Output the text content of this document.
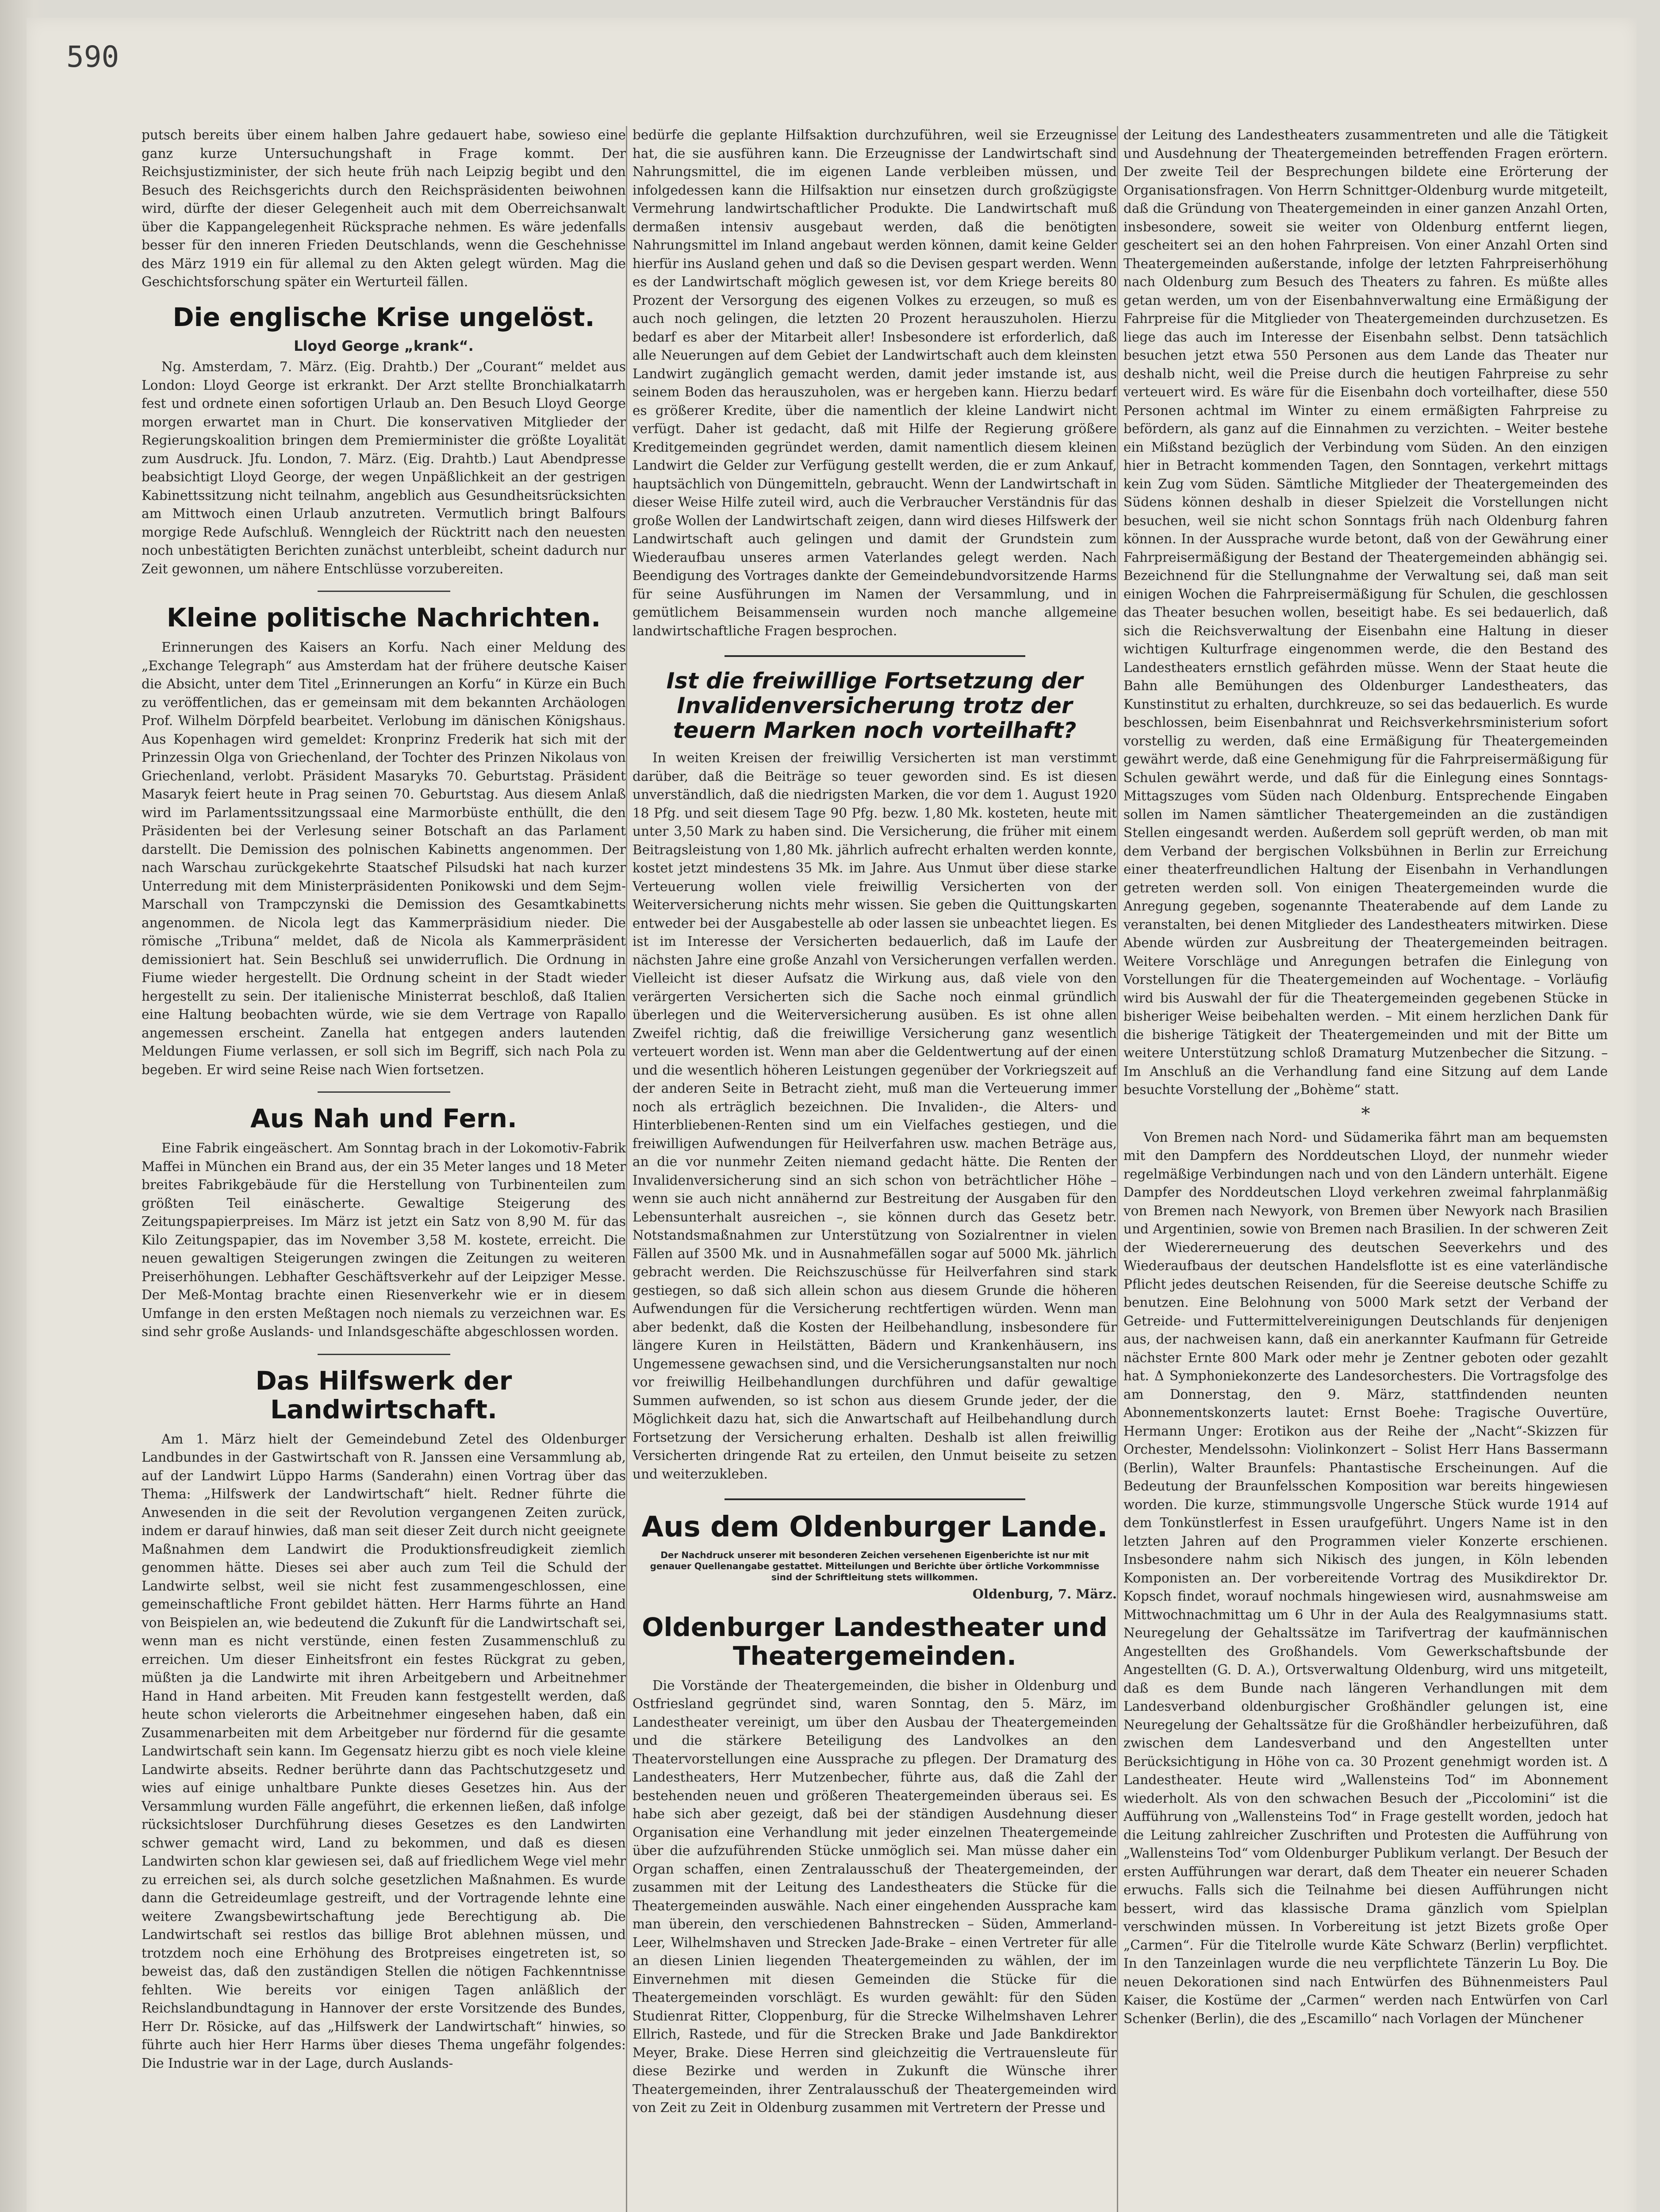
590

putsch bereits über einem halben Jahre gedauert habe, sowieso eine ganz kurze Untersuchungshaft in Frage kommt. Der Reichsjustizminister, der sich heute früh nach Leipzig begibt und den Besuch des Reichsgerichts durch den Reichspräsidenten beiwohnen wird, dürfte der dieser Gelegenheit auch mit dem Oberreichsanwalt über die Kappangelegenheit Rücksprache nehmen. Es wäre jedenfalls besser für den inneren Frieden Deutschlands, wenn die Geschehnisse des März 1919 ein für allemal zu den Akten gelegt würden. Mag die Geschichtsforschung später ein Werturteil fällen.

Die englische Krise ungelöst.
Lloyd George „krank“.

Ng. Amsterdam, 7. März. (Eig. Drahtb.) Der „Courant“ meldet aus London: Lloyd George ist erkrankt. Der Arzt stellte Bronchialkatarrh fest und ordnete einen sofortigen Urlaub an. Den Besuch Lloyd George morgen erwartet man in Churt. Die konservativen Mitglieder der Regierungskoalition bringen dem Premierminister die größte Loyalität zum Ausdruck. Jfu. London, 7. März. (Eig. Drahtb.) Laut Abendpresse beabsichtigt Lloyd George, der wegen Unpäßlichkeit an der gestrigen Kabinettssitzung nicht teilnahm, angeblich aus Gesundheitsrücksichten am Mittwoch einen Urlaub anzutreten. Vermutlich bringt Balfours morgige Rede Aufschluß. Wenngleich der Rücktritt nach den neuesten noch unbestätigten Berichten zunächst unterbleibt, scheint dadurch nur Zeit gewonnen, um nähere Entschlüsse vorzubereiten.

Kleine politische Nachrichten.

Erinnerungen des Kaisers an Korfu. Nach einer Meldung des „Exchange Telegraph“ aus Amsterdam hat der frühere deutsche Kaiser die Absicht, unter dem Titel „Erinnerungen an Korfu“ in Kürze ein Buch zu veröffentlichen, das er gemeinsam mit dem bekannten Archäologen Prof. Wilhelm Dörpfeld bearbeitet. Verlobung im dänischen Königshaus. Aus Kopenhagen wird gemeldet: Kronprinz Frederik hat sich mit der Prinzessin Olga von Griechenland, der Tochter des Prinzen Nikolaus von Griechenland, verlobt. Präsident Masaryks 70. Geburtstag. Präsident Masaryk feiert heute in Prag seinen 70. Geburtstag. Aus diesem Anlaß wird im Parlamentssitzungssaal eine Marmorbüste enthüllt, die den Präsidenten bei der Verlesung seiner Botschaft an das Parlament darstellt. Die Demission des polnischen Kabinetts angenommen. Der nach Warschau zurückgekehrte Staatschef Pilsudski hat nach kurzer Unterredung mit dem Ministerpräsidenten Ponikowski und dem Sejm-Marschall von Trampczynski die Demission des Gesamtkabinetts angenommen. de Nicola legt das Kammerpräsidium nieder. Die römische „Tribuna“ meldet, daß de Nicola als Kammerpräsident demissioniert hat. Sein Beschluß sei unwiderruflich. Die Ordnung in Fiume wieder hergestellt. Die Ordnung scheint in der Stadt wieder hergestellt zu sein. Der italienische Ministerrat beschloß, daß Italien eine Haltung beobachten würde, wie sie dem Vertrage von Rapallo angemessen erscheint. Zanella hat entgegen anders lautenden Meldungen Fiume verlassen, er soll sich im Begriff, sich nach Pola zu begeben. Er wird seine Reise nach Wien fortsetzen.

Aus Nah und Fern.

Eine Fabrik eingeäschert. Am Sonntag brach in der Lokomotiv-Fabrik Maffei in München ein Brand aus, der ein 35 Meter langes und 18 Meter breites Fabrikgebäude für die Herstellung von Turbinenteilen zum größten Teil einäscherte. Gewaltige Steigerung des Zeitungspapierpreises. Im März ist jetzt ein Satz von 8,90 M. für das Kilo Zeitungspapier, das im November 3,58 M. kostete, erreicht. Die neuen gewaltigen Steigerungen zwingen die Zeitungen zu weiteren Preiserhöhungen. Lebhafter Geschäftsverkehr auf der Leipziger Messe. Der Meß-Montag brachte einen Riesenverkehr wie er in diesem Umfange in den ersten Meßtagen noch niemals zu verzeichnen war. Es sind sehr große Auslands- und Inlandsgeschäfte abgeschlossen worden.

Das Hilfswerk der Landwirtschaft.

Am 1. März hielt der Gemeindebund Zetel des Oldenburger Landbundes in der Gastwirtschaft von R. Janssen eine Versammlung ab, auf der Landwirt Lüppo Harms (Sanderahn) einen Vortrag über das Thema: „Hilfswerk der Landwirtschaft“ hielt. Redner führte die Anwesenden in die seit der Revolution vergangenen Zeiten zurück, indem er darauf hinwies, daß man seit dieser Zeit durch nicht geeignete Maßnahmen dem Landwirt die Produktionsfreudigkeit ziemlich genommen hätte. Dieses sei aber auch zum Teil die Schuld der Landwirte selbst, weil sie nicht fest zusammengeschlossen, eine gemeinschaftliche Front gebildet hätten. Herr Harms führte an Hand von Beispielen an, wie bedeutend die Zukunft für die Landwirtschaft sei, wenn man es nicht verstünde, einen festen Zusammenschluß zu erreichen. Um dieser Einheitsfront ein festes Rückgrat zu geben, müßten ja die Landwirte mit ihren Arbeitgebern und Arbeitnehmer Hand in Hand arbeiten. Mit Freuden kann festgestellt werden, daß heute schon vielerorts die Arbeitnehmer eingesehen haben, daß ein Zusammenarbeiten mit dem Arbeitgeber nur fördernd für die gesamte Landwirtschaft sein kann. Im Gegensatz hierzu gibt es noch viele kleine Landwirte abseits. Redner berührte dann das Pachtschutzgesetz und wies auf einige unhaltbare Punkte dieses Gesetzes hin. Aus der Versammlung wurden Fälle angeführt, die erkennen ließen, daß infolge rücksichtsloser Durchführung dieses Gesetzes es den Landwirten schwer gemacht wird, Land zu bekommen, und daß es diesen Landwirten schon klar gewiesen sei, daß auf friedlichem Wege viel mehr zu erreichen sei, als durch solche gesetzlichen Maßnahmen. Es wurde dann die Getreideumlage gestreift, und der Vortragende lehnte eine weitere Zwangsbewirtschaftung jede Berechtigung ab. Die Landwirtschaft sei restlos das billige Brot ablehnen müssen, und trotzdem noch eine Erhöhung des Brotpreises eingetreten ist, so beweist das, daß den zuständigen Stellen die nötigen Fachkenntnisse fehlten. Wie bereits vor einigen Tagen anläßlich der Reichslandbundtagung in Hannover der erste Vorsitzende des Bundes, Herr Dr. Rösicke, auf das „Hilfswerk der Landwirtschaft“ hinwies, so führte auch hier Herr Harms über dieses Thema ungefähr folgendes: Die Industrie war in der Lage, durch Auslands-

bedürfe die geplante Hilfsaktion durchzuführen, weil sie Erzeugnisse hat, die sie ausführen kann. Die Erzeugnisse der Landwirtschaft sind Nahrungsmittel, die im eigenen Lande verbleiben müssen, und infolgedessen kann die Hilfsaktion nur einsetzen durch großzügigste Vermehrung landwirtschaftlicher Produkte. Die Landwirtschaft muß dermaßen intensiv ausgebaut werden, daß die benötigten Nahrungsmittel im Inland angebaut werden können, damit keine Gelder hierfür ins Ausland gehen und daß so die Devisen gespart werden. Wenn es der Landwirtschaft möglich gewesen ist, vor dem Kriege bereits 80 Prozent der Versorgung des eigenen Volkes zu erzeugen, so muß es auch noch gelingen, die letzten 20 Prozent herauszuholen. Hierzu bedarf es aber der Mitarbeit aller! Insbesondere ist erforderlich, daß alle Neuerungen auf dem Gebiet der Landwirtschaft auch dem kleinsten Landwirt zugänglich gemacht werden, damit jeder imstande ist, aus seinem Boden das herauszuholen, was er hergeben kann. Hierzu bedarf es größerer Kredite, über die namentlich der kleine Landwirt nicht verfügt. Daher ist gedacht, daß mit Hilfe der Regierung größere Kreditgemeinden gegründet werden, damit namentlich diesem kleinen Landwirt die Gelder zur Verfügung gestellt werden, die er zum Ankauf, hauptsächlich von Düngemitteln, gebraucht. Wenn der Landwirtschaft in dieser Weise Hilfe zuteil wird, auch die Verbraucher Verständnis für das große Wollen der Landwirtschaft zeigen, dann wird dieses Hilfswerk der Landwirtschaft auch gelingen und damit der Grundstein zum Wiederaufbau unseres armen Vaterlandes gelegt werden. Nach Beendigung des Vortrages dankte der Gemeindebundvorsitzende Harms für seine Ausführungen im Namen der Versammlung, und in gemütlichem Beisammensein wurden noch manche allgemeine landwirtschaftliche Fragen besprochen.

Ist die freiwillige Fortsetzung der Invalidenversicherung trotz der teuern Marken noch vorteilhaft?

In weiten Kreisen der freiwillig Versicherten ist man verstimmt darüber, daß die Beiträge so teuer geworden sind. Es ist diesen unverständlich, daß die niedrigsten Marken, die vor dem 1. August 1920 18 Pfg. und seit diesem Tage 90 Pfg. bezw. 1,80 Mk. kosteten, heute mit unter 3,50 Mark zu haben sind. Die Versicherung, die früher mit einem Beitragsleistung von 1,80 Mk. jährlich aufrecht erhalten werden konnte, kostet jetzt mindestens 35 Mk. im Jahre. Aus Unmut über diese starke Verteuerung wollen viele freiwillig Versicherten von der Weiterversicherung nichts mehr wissen. Sie geben die Quittungskarten entweder bei der Ausgabestelle ab oder lassen sie unbeachtet liegen. Es ist im Interesse der Versicherten bedauerlich, daß im Laufe der nächsten Jahre eine große Anzahl von Versicherungen verfallen werden. Vielleicht ist dieser Aufsatz die Wirkung aus, daß viele von den verärgerten Versicherten sich die Sache noch einmal gründlich überlegen und die Weiterversicherung ausüben. Es ist ohne allen Zweifel richtig, daß die freiwillige Versicherung ganz wesentlich verteuert worden ist. Wenn man aber die Geldentwertung auf der einen und die wesentlich höheren Leistungen gegenüber der Vorkriegszeit auf der anderen Seite in Betracht zieht, muß man die Verteuerung immer noch als erträglich bezeichnen. Die Invaliden-, die Alters- und Hinterbliebenen-Renten sind um ein Vielfaches gestiegen, und die freiwilligen Aufwendungen für Heilverfahren usw. machen Beträge aus, an die vor nunmehr Zeiten niemand gedacht hätte. Die Renten der Invalidenversicherung sind an sich schon von beträchtlicher Höhe – wenn sie auch nicht annähernd zur Bestreitung der Ausgaben für den Lebensunterhalt ausreichen –, sie können durch das Gesetz betr. Notstandsmaßnahmen zur Unterstützung von Sozialrentner in vielen Fällen auf 3500 Mk. und in Ausnahmefällen sogar auf 5000 Mk. jährlich gebracht werden. Die Reichszuschüsse für Heilverfahren sind stark gestiegen, so daß sich allein schon aus diesem Grunde die höheren Aufwendungen für die Versicherung rechtfertigen würden. Wenn man aber bedenkt, daß die Kosten der Heilbehandlung, insbesondere für längere Kuren in Heilstätten, Bädern und Krankenhäusern, ins Ungemessene gewachsen sind, und die Versicherungsanstalten nur noch vor freiwillig Heilbehandlungen durchführen und dafür gewaltige Summen aufwenden, so ist schon aus diesem Grunde jeder, der die Möglichkeit dazu hat, sich die Anwartschaft auf Heilbehandlung durch Fortsetzung der Versicherung erhalten. Deshalb ist allen freiwillig Versicherten dringende Rat zu erteilen, den Unmut beiseite zu setzen und weiterzukleben.

Aus dem Oldenburger Lande.
Der Nachdruck unserer mit besonderen Zeichen versehenen Eigenberichte ist nur mit genauer Quellenangabe gestattet. Mitteilungen und Berichte über örtliche Vorkommnisse sind der Schriftleitung stets willkommen.
Oldenburg, 7. März.
Oldenburger Landestheater und Theatergemeinden.

Die Vorstände der Theatergemeinden, die bisher in Oldenburg und Ostfriesland gegründet sind, waren Sonntag, den 5. März, im Landestheater vereinigt, um über den Ausbau der Theatergemeinden und die stärkere Beteiligung des Landvolkes an den Theatervorstellungen eine Aussprache zu pflegen. Der Dramaturg des Landestheaters, Herr Mutzenbecher, führte aus, daß die Zahl der bestehenden neuen und größeren Theatergemeinden überaus sei. Es habe sich aber gezeigt, daß bei der ständigen Ausdehnung dieser Organisation eine Verhandlung mit jeder einzelnen Theatergemeinde über die aufzuführenden Stücke unmöglich sei. Man müsse daher ein Organ schaffen, einen Zentralausschuß der Theatergemeinden, der zusammen mit der Leitung des Landestheaters die Stücke für die Theatergemeinden auswähle. Nach einer eingehenden Aussprache kam man überein, den verschiedenen Bahnstrecken – Süden, Ammerland-Leer, Wilhelmshaven und Strecken Jade-Brake – einen Vertreter für alle an diesen Linien liegenden Theatergemeinden zu wählen, der im Einvernehmen mit diesen Gemeinden die Stücke für die Theatergemeinden vorschlägt. Es wurden gewählt: für den Süden Studienrat Ritter, Cloppenburg, für die Strecke Wilhelmshaven Lehrer Ellrich, Rastede, und für die Strecken Brake und Jade Bankdirektor Meyer, Brake. Diese Herren sind gleichzeitig die Vertrauensleute für diese Bezirke und werden in Zukunft die Wünsche ihrer Theatergemeinden, ihrer Zentralausschuß der Theatergemeinden wird von Zeit zu Zeit in Oldenburg zusammen mit Vertretern der Presse und

der Leitung des Landestheaters zusammentreten und alle die Tätigkeit und Ausdehnung der Theatergemeinden betreffenden Fragen erörtern. Der zweite Teil der Besprechungen bildete eine Erörterung der Organisationsfragen. Von Herrn Schnittger-Oldenburg wurde mitgeteilt, daß die Gründung von Theatergemeinden in einer ganzen Anzahl Orten, insbesondere, soweit sie weiter von Oldenburg entfernt liegen, gescheitert sei an den hohen Fahrpreisen. Von einer Anzahl Orten sind Theatergemeinden außerstande, infolge der letzten Fahrpreiserhöhung nach Oldenburg zum Besuch des Theaters zu fahren. Es müßte alles getan werden, um von der Eisenbahnverwaltung eine Ermäßigung der Fahrpreise für die Mitglieder von Theatergemeinden durchzusetzen. Es liege das auch im Interesse der Eisenbahn selbst. Denn tatsächlich besuchen jetzt etwa 550 Personen aus dem Lande das Theater nur deshalb nicht, weil die Preise durch die heutigen Fahrpreise zu sehr verteuert wird. Es wäre für die Eisenbahn doch vorteilhafter, diese 550 Personen achtmal im Winter zu einem ermäßigten Fahrpreise zu befördern, als ganz auf die Einnahmen zu verzichten. – Weiter bestehe ein Mißstand bezüglich der Verbindung vom Süden. An den einzigen hier in Betracht kommenden Tagen, den Sonntagen, verkehrt mittags kein Zug vom Süden. Sämtliche Mitglieder der Theatergemeinden des Südens können deshalb in dieser Spielzeit die Vorstellungen nicht besuchen, weil sie nicht schon Sonntags früh nach Oldenburg fahren können. In der Aussprache wurde betont, daß von der Gewährung einer Fahrpreisermäßigung der Bestand der Theatergemeinden abhängig sei. Bezeichnend für die Stellungnahme der Verwaltung sei, daß man seit einigen Wochen die Fahrpreisermäßigung für Schulen, die geschlossen das Theater besuchen wollen, beseitigt habe. Es sei bedauerlich, daß sich die Reichsverwaltung der Eisenbahn eine Haltung in dieser wichtigen Kulturfrage eingenommen werde, die den Bestand des Landestheaters ernstlich gefährden müsse. Wenn der Staat heute die Bahn alle Bemühungen des Oldenburger Landestheaters, das Kunstinstitut zu erhalten, durchkreuze, so sei das bedauerlich. Es wurde beschlossen, beim Eisenbahnrat und Reichsverkehrsministerium sofort vorstellig zu werden, daß eine Ermäßigung für Theatergemeinden gewährt werde, daß eine Genehmigung für die Fahrpreisermäßigung für Schulen gewährt werde, und daß für die Einlegung eines Sonntags-Mittagszuges vom Süden nach Oldenburg. Entsprechende Eingaben sollen im Namen sämtlicher Theatergemeinden an die zuständigen Stellen eingesandt werden. Außerdem soll geprüft werden, ob man mit dem Verband der bergischen Volksbühnen in Berlin zur Erreichung einer theaterfreundlichen Haltung der Eisenbahn in Verhandlungen getreten werden soll. Von einigen Theatergemeinden wurde die Anregung gegeben, sogenannte Theaterabende auf dem Lande zu veranstalten, bei denen Mitglieder des Landestheaters mitwirken. Diese Abende würden zur Ausbreitung der Theatergemeinden beitragen. Weitere Vorschläge und Anregungen betrafen die Einlegung von Vorstellungen für die Theatergemeinden auf Wochentage. – Vorläufig wird bis Auswahl der für die Theatergemeinden gegebenen Stücke in bisheriger Weise beibehalten werden. – Mit einem herzlichen Dank für die bisherige Tätigkeit der Theatergemeinden und mit der Bitte um weitere Unterstützung schloß Dramaturg Mutzenbecher die Sitzung. – Im Anschluß an die Verhandlung fand eine Sitzung auf dem Lande besuchte Vorstellung der „Bohème“ statt.

*

Von Bremen nach Nord- und Südamerika fährt man am bequemsten mit den Dampfern des Norddeutschen Lloyd, der nunmehr wieder regelmäßige Verbindungen nach und von den Ländern unterhält. Eigene Dampfer des Norddeutschen Lloyd verkehren zweimal fahrplanmäßig von Bremen nach Newyork, von Bremen über Newyork nach Brasilien und Argentinien, sowie von Bremen nach Brasilien. In der schweren Zeit der Wiedererneuerung des deutschen Seeverkehrs und des Wiederaufbaus der deutschen Handelsflotte ist es eine vaterländische Pflicht jedes deutschen Reisenden, für die Seereise deutsche Schiffe zu benutzen. Eine Belohnung von 5000 Mark setzt der Verband der Getreide- und Futtermittelvereinigungen Deutschlands für denjenigen aus, der nachweisen kann, daß ein anerkannter Kaufmann für Getreide nächster Ernte 800 Mark oder mehr je Zentner geboten oder gezahlt hat. Δ Symphoniekonzerte des Landesorchesters. Die Vortragsfolge des am Donnerstag, den 9. März, stattfindenden neunten Abonnementskonzerts lautet: Ernst Boehe: Tragische Ouvertüre, Hermann Unger: Erotikon aus der Reihe der „Nacht“-Skizzen für Orchester, Mendelssohn: Violinkonzert – Solist Herr Hans Bassermann (Berlin), Walter Braunfels: Phantastische Erscheinungen. Auf die Bedeutung der Braunfelsschen Komposition war bereits hingewiesen worden. Die kurze, stimmungsvolle Ungersche Stück wurde 1914 auf dem Tonkünstlerfest in Essen uraufgeführt. Ungers Name ist in den letzten Jahren auf den Programmen vieler Konzerte erschienen. Insbesondere nahm sich Nikisch des jungen, in Köln lebenden Komponisten an. Der vorbereitende Vortrag des Musikdirektor Dr. Kopsch findet, worauf nochmals hingewiesen wird, ausnahmsweise am Mittwochnachmittag um 6 Uhr in der Aula des Realgymnasiums statt. Neuregelung der Gehaltssätze im Tarifvertrag der kaufmännischen Angestellten des Großhandels. Vom Gewerkschaftsbunde der Angestellten (G. D. A.), Ortsverwaltung Oldenburg, wird uns mitgeteilt, daß es dem Bunde nach längeren Verhandlungen mit dem Landesverband oldenburgischer Großhändler gelungen ist, eine Neuregelung der Gehaltssätze für die Großhändler herbeizuführen, daß zwischen dem Landesverband und den Angestellten unter Berücksichtigung in Höhe von ca. 30 Prozent genehmigt worden ist. Δ Landestheater. Heute wird „Wallensteins Tod“ im Abonnement wiederholt. Als von den schwachen Besuch der „Piccolomini“ ist die Aufführung von „Wallensteins Tod“ in Frage gestellt worden, jedoch hat die Leitung zahlreicher Zuschriften und Protesten die Aufführung von „Wallensteins Tod“ vom Oldenburger Publikum verlangt. Der Besuch der ersten Aufführungen war derart, daß dem Theater ein neuerer Schaden erwuchs. Falls sich die Teilnahme bei diesen Aufführungen nicht bessert, wird das klassische Drama gänzlich vom Spielplan verschwinden müssen. In Vorbereitung ist jetzt Bizets große Oper „Carmen“. Für die Titelrolle wurde Käte Schwarz (Berlin) verpflichtet. In den Tanzeinlagen wurde die neu verpflichtete Tänzerin Lu Boy. Die neuen Dekorationen sind nach Entwürfen des Bühnenmeisters Paul Kaiser, die Kostüme der „Carmen“ werden nach Entwürfen von Carl Schenker (Berlin), die des „Escamillo“ nach Vorlagen der Münchener
